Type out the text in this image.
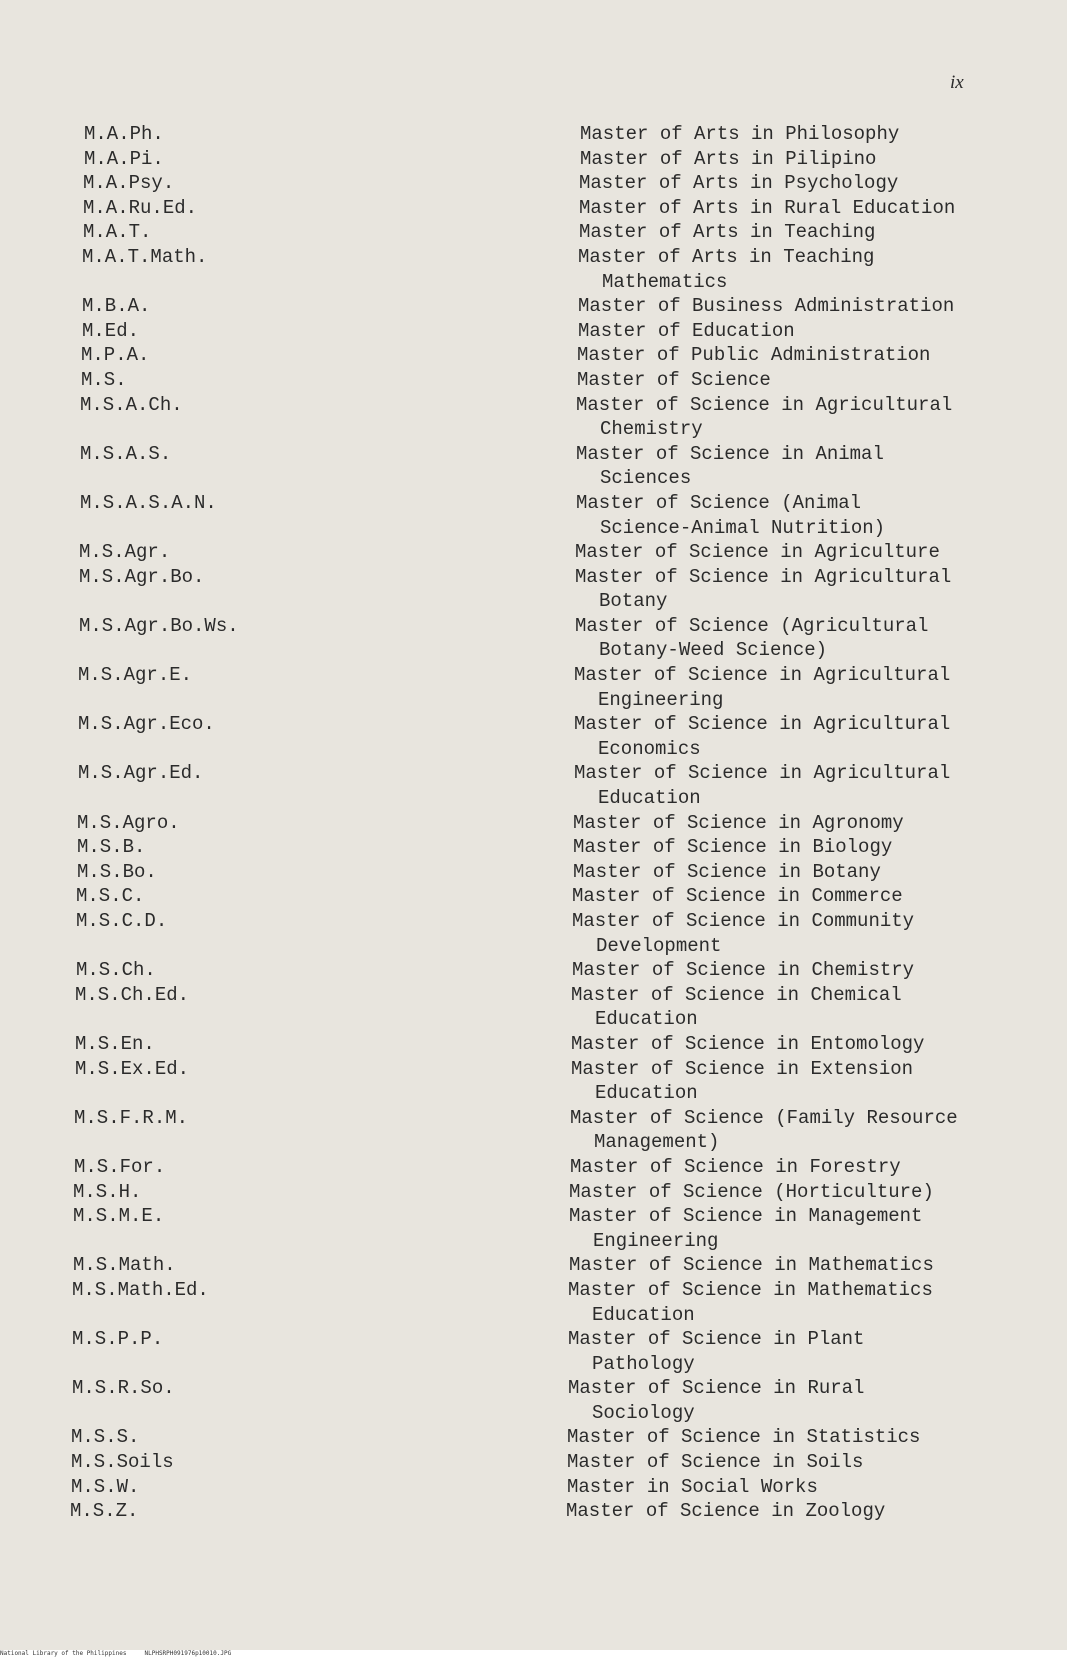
ix
M.A.Ph.	Master of Arts in Philosophy
M.A.Pi.	Master of Arts in Pilipino
M.A.Psy.	Master of Arts in Psychology
M.A.Ru.Ed.	Master of Arts in Rural Education
M.A.T.	Master of Arts in Teaching
M.A.T.Math.	Master of Arts in Teaching
Mathematics
M.B.A.	Master of Business Administration
M.Ed.	Master of Education
M.P.A.	Master of Public Administration
M.S.	Master of Science
M.S.A.Ch.	Master of Science in Agricultural
Chemistry
M.S.A.S.	Master of Science in Animal
Sciences
M.S.A.S.A.N.	Master of Science (Animal
Science-Animal Nutrition)
M.S.Agr.	Master of Science in Agriculture
M.S.Agr.Bo.	Master of Science in Agricultural
Botany
M.S.Agr.Bo.Ws.	Master of Science (Agricultural
Botany-Weed Science)
M.S.Agr.E.	Master of Science in Agricultural
Engineering
M.S.Agr.Eco.	Master of Science in Agricultural
Economics
M.S.Agr.Ed.	Master of Science in Agricultural
Education
M.S.Agro.	Master of Science in Agronomy
M.S.B.	Master of Science in Biology
M.S.Bo.	Master of Science in Botany
M.S.C.	Master of Science in Commerce
M.S.C.D.	Master of Science in Community
Development
M.S.Ch.	Master of Science in Chemistry
M.S.Ch.Ed.	Master of Science in Chemical
Education
M.S.En.	Master of Science in Entomology
M.S.Ex.Ed.	Master of Science in Extension
Education
M.S.F.R.M.	Master of Science (Family Resource
Management)
M.S.For.	Master of Science in Forestry
M.S.H.	Master of Science (Horticulture)
M.S.M.E.	Master of Science in Management
Engineering
M.S.Math.	Master of Science in Mathematics
M.S.Math.Ed.	Master of Science in Mathematics
Education
M.S.P.P.	Master of Science in Plant
Pathology
M.S.R.So.	Master of Science in Rural
Sociology
M.S.S.	Master of Science in Statistics
M.S.Soils	Master of Science in Soils
M.S.W.	Master in Social Works
M.S.Z.	Master of Science in Zoology
National Library of the Philippines	NLPHSRPH091976p10010.JPG
